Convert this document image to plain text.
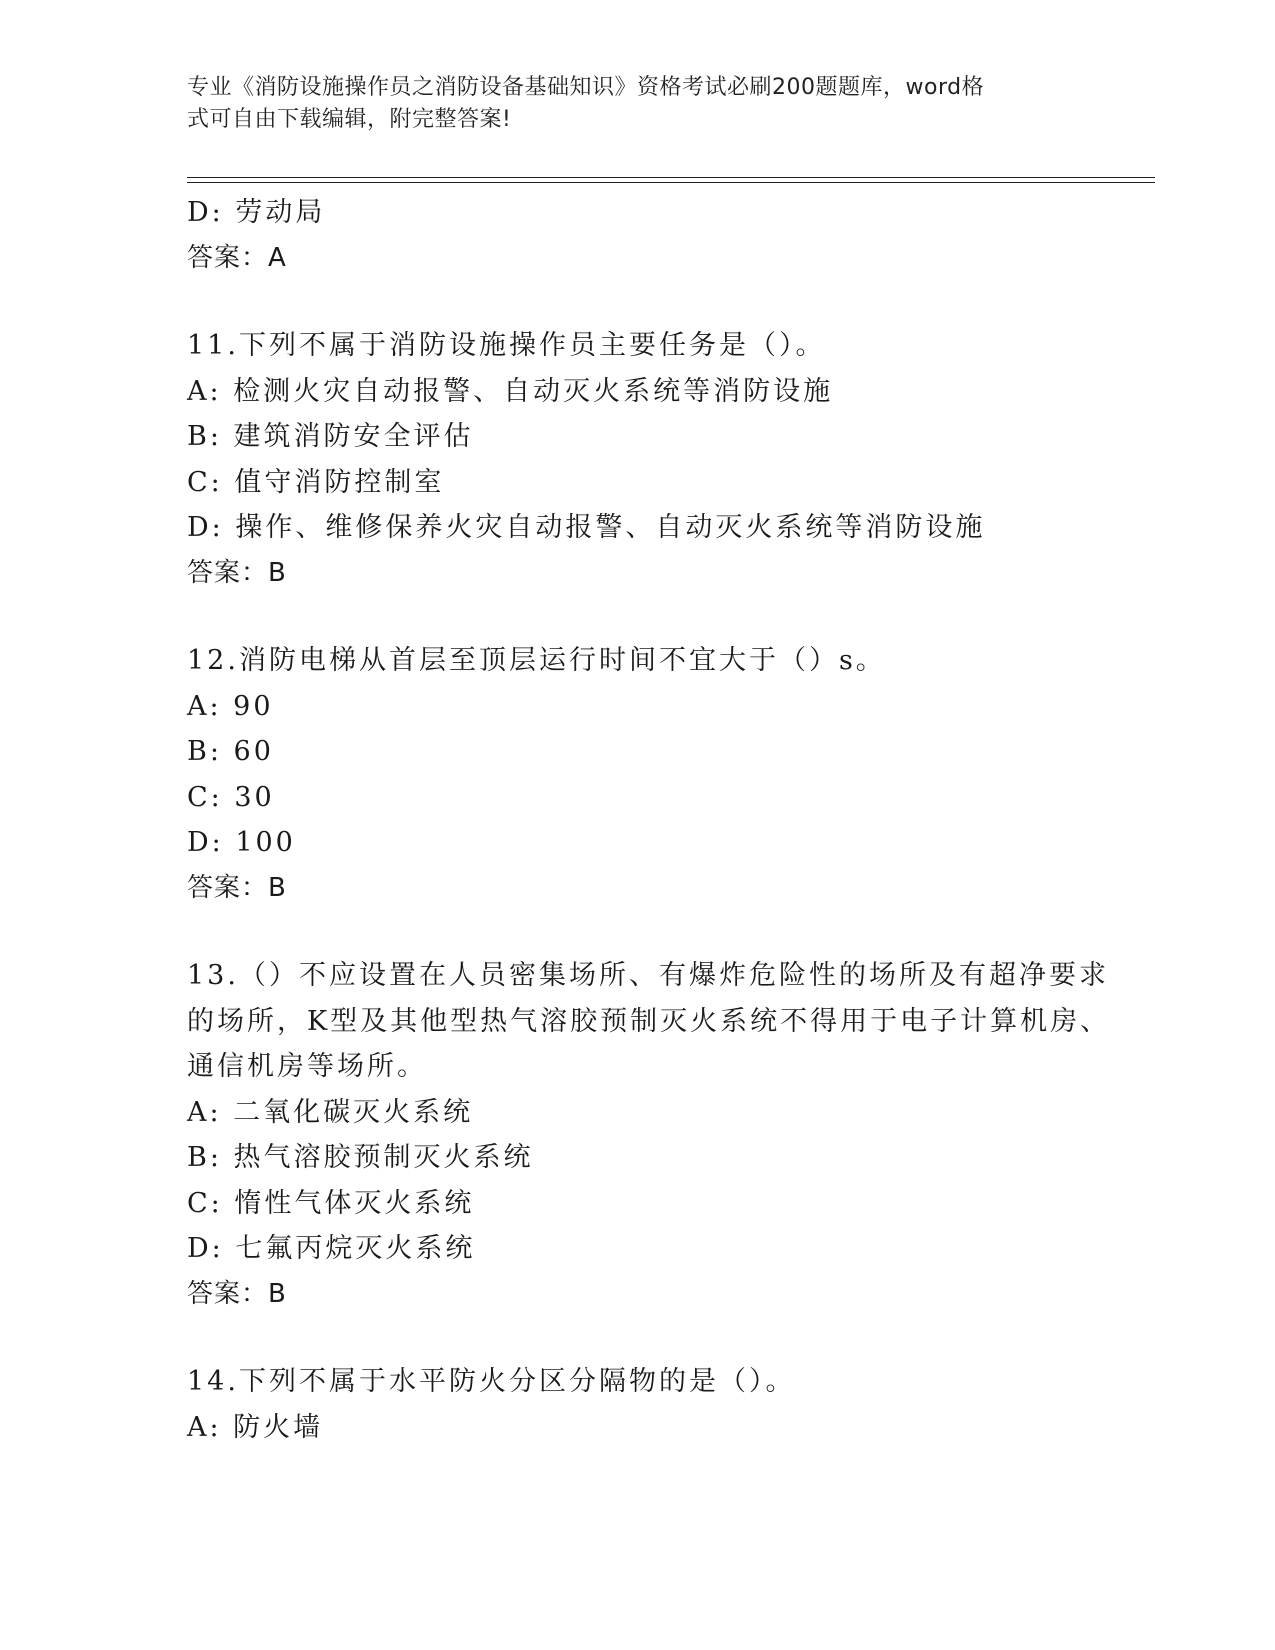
专业《消防设施操作员之消防设备基础知识》资格考试必刷200题题库，word格
式可自由下载编辑，附完整答案!
D: 劳动局
答案：A
11.下列不属于消防设施操作员主要任务是（）。
A: 检测火灾自动报警、自动灭火系统等消防设施
B: 建筑消防安全评估
C: 值守消防控制室
D: 操作、维修保养火灾自动报警、自动灭火系统等消防设施
答案：B
12.消防电梯从首层至顶层运行时间不宜大于（）s。
A: 90
B: 60
C: 30
D: 100
答案：B
13.（）不应设置在人员密集场所、有爆炸危险性的场所及有超净要求
的场所，K型及其他型热气溶胶预制灭火系统不得用于电子计算机房、
通信机房等场所。
A: 二氧化碳灭火系统
B: 热气溶胶预制灭火系统
C: 惰性气体灭火系统
D: 七氟丙烷灭火系统
答案：B
14.下列不属于水平防火分区分隔物的是（）。
A: 防火墙
